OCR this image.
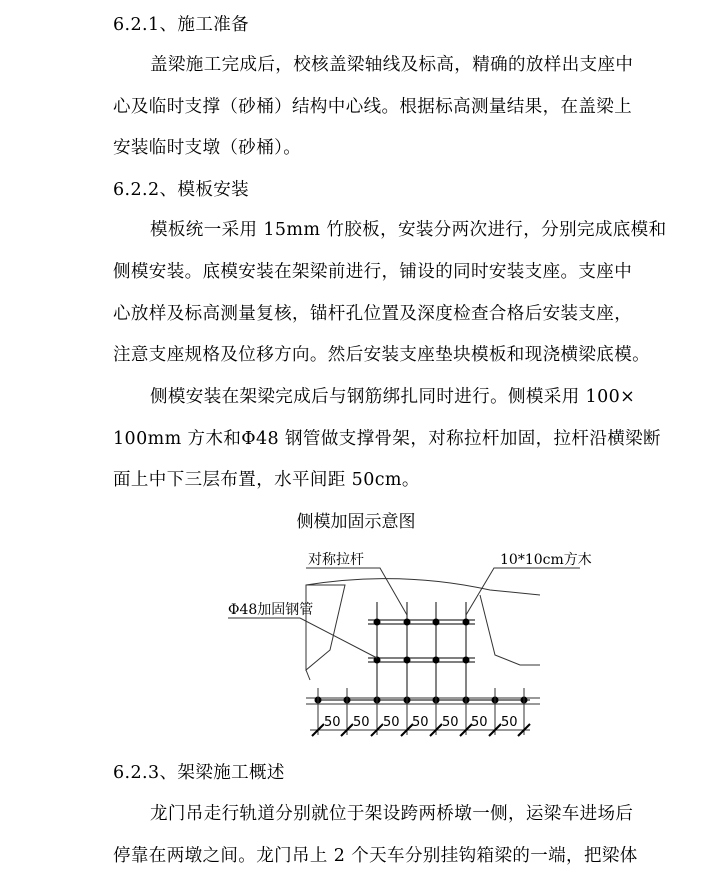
6.2.1、施工准备
盖梁施工完成后，校核盖梁轴线及标高，精确的放样出支座中
心及临时支撑（砂桶）结构中心线。根据标高测量结果，在盖梁上
安装临时支墩（砂桶）。
6.2.2、模板安装
模板统一采用 15mm 竹胶板，安装分两次进行，分别完成底模和
侧模安装。底模安装在架梁前进行，铺设的同时安装支座。支座中
心放样及标高测量复核，锚杆孔位置及深度检查合格后安装支座，
注意支座规格及位移方向。然后安装支座垫块模板和现浇横梁底模。
侧模安装在架梁完成后与钢筋绑扎同时进行。侧模采用 100×
100mm 方木和Φ48 钢管做支撑骨架，对称拉杆加固，拉杆沿横梁断
面上中下三层布置，水平间距 50cm。
侧模加固示意图
50 50 50 50 50 50 50
对称拉杆	10*10cm方木
Φ48加固钢管
6.2.3、架梁施工概述
龙门吊走行轨道分别就位于架设跨两桥墩一侧，运梁车进场后
停靠在两墩之间。龙门吊上 2 个天车分别挂钩箱梁的一端，把梁体
